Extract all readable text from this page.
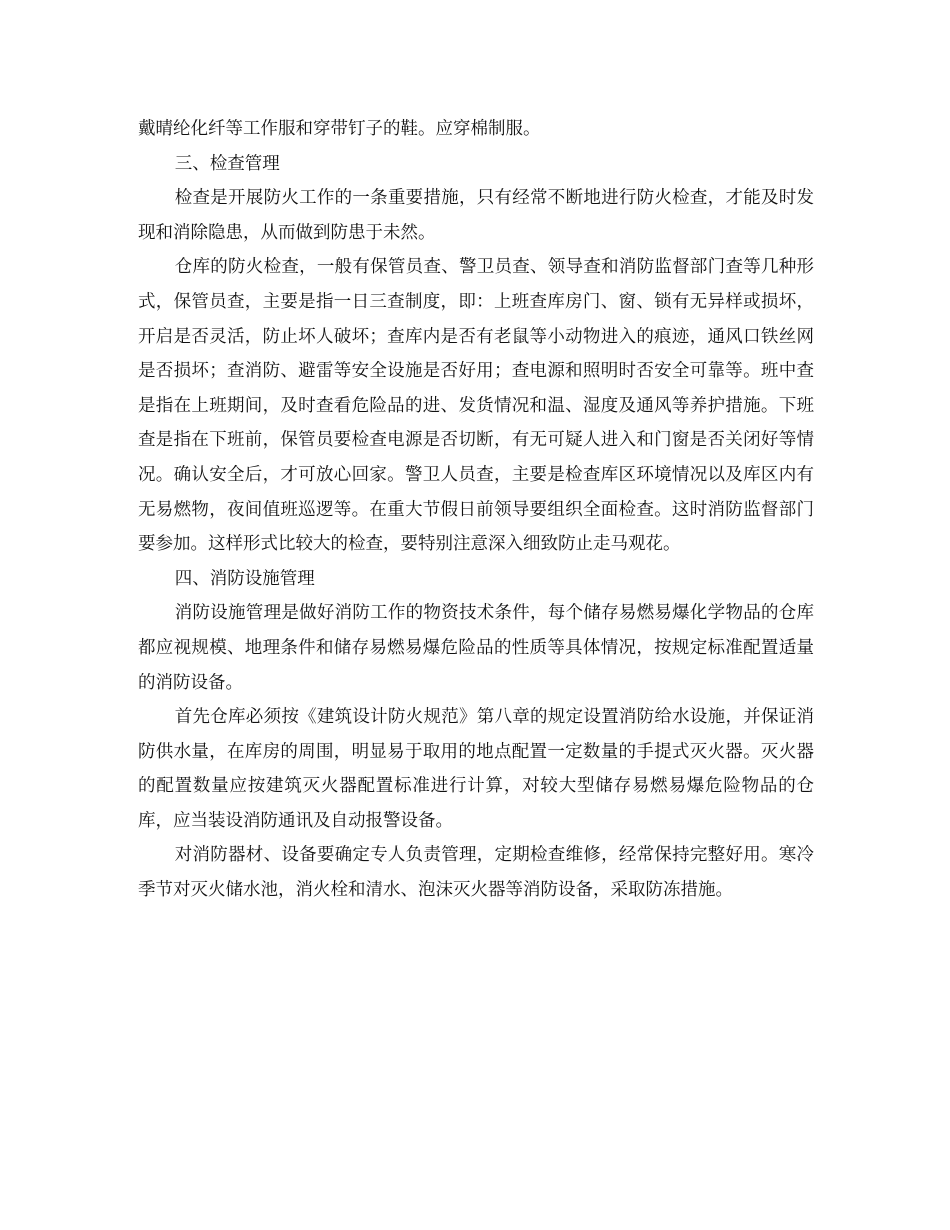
戴晴纶化纤等工作服和穿带钉子的鞋。应穿棉制服。

三、检查管理

检查是开展防火工作的一条重要措施，只有经常不断地进行防火检查，才能及时发现和消除隐患，从而做到防患于未然。

仓库的防火检查，一般有保管员查、警卫员查、领导查和消防监督部门查等几种形式，保管员查，主要是指一日三查制度，即：上班查库房门、窗、锁有无异样或损坏，开启是否灵活，防止坏人破坏；查库内是否有老鼠等小动物进入的痕迹，通风口铁丝网是否损坏；查消防、避雷等安全设施是否好用；查电源和照明时否安全可靠等。班中查是指在上班期间，及时查看危险品的进、发货情况和温、湿度及通风等养护措施。下班查是指在下班前，保管员要检查电源是否切断，有无可疑人进入和门窗是否关闭好等情况。确认安全后，才可放心回家。警卫人员查，主要是检查库区环境情况以及库区内有无易燃物，夜间值班巡逻等。在重大节假日前领导要组织全面检查。这时消防监督部门要参加。这样形式比较大的检查，要特别注意深入细致防止走马观花。

四、消防设施管理

消防设施管理是做好消防工作的物资技术条件，每个储存易燃易爆化学物品的仓库都应视规模、地理条件和储存易燃易爆危险品的性质等具体情况，按规定标准配置适量的消防设备。

首先仓库必须按《建筑设计防火规范》第八章的规定设置消防给水设施，并保证消防供水量，在库房的周围，明显易于取用的地点配置一定数量的手提式灭火器。灭火器的配置数量应按建筑灭火器配置标准进行计算，对较大型储存易燃易爆危险物品的仓库，应当装设消防通讯及自动报警设备。

对消防器材、设备要确定专人负责管理，定期检查维修，经常保持完整好用。寒冷季节对灭火储水池，消火栓和清水、泡沫灭火器等消防设备，采取防冻措施。
